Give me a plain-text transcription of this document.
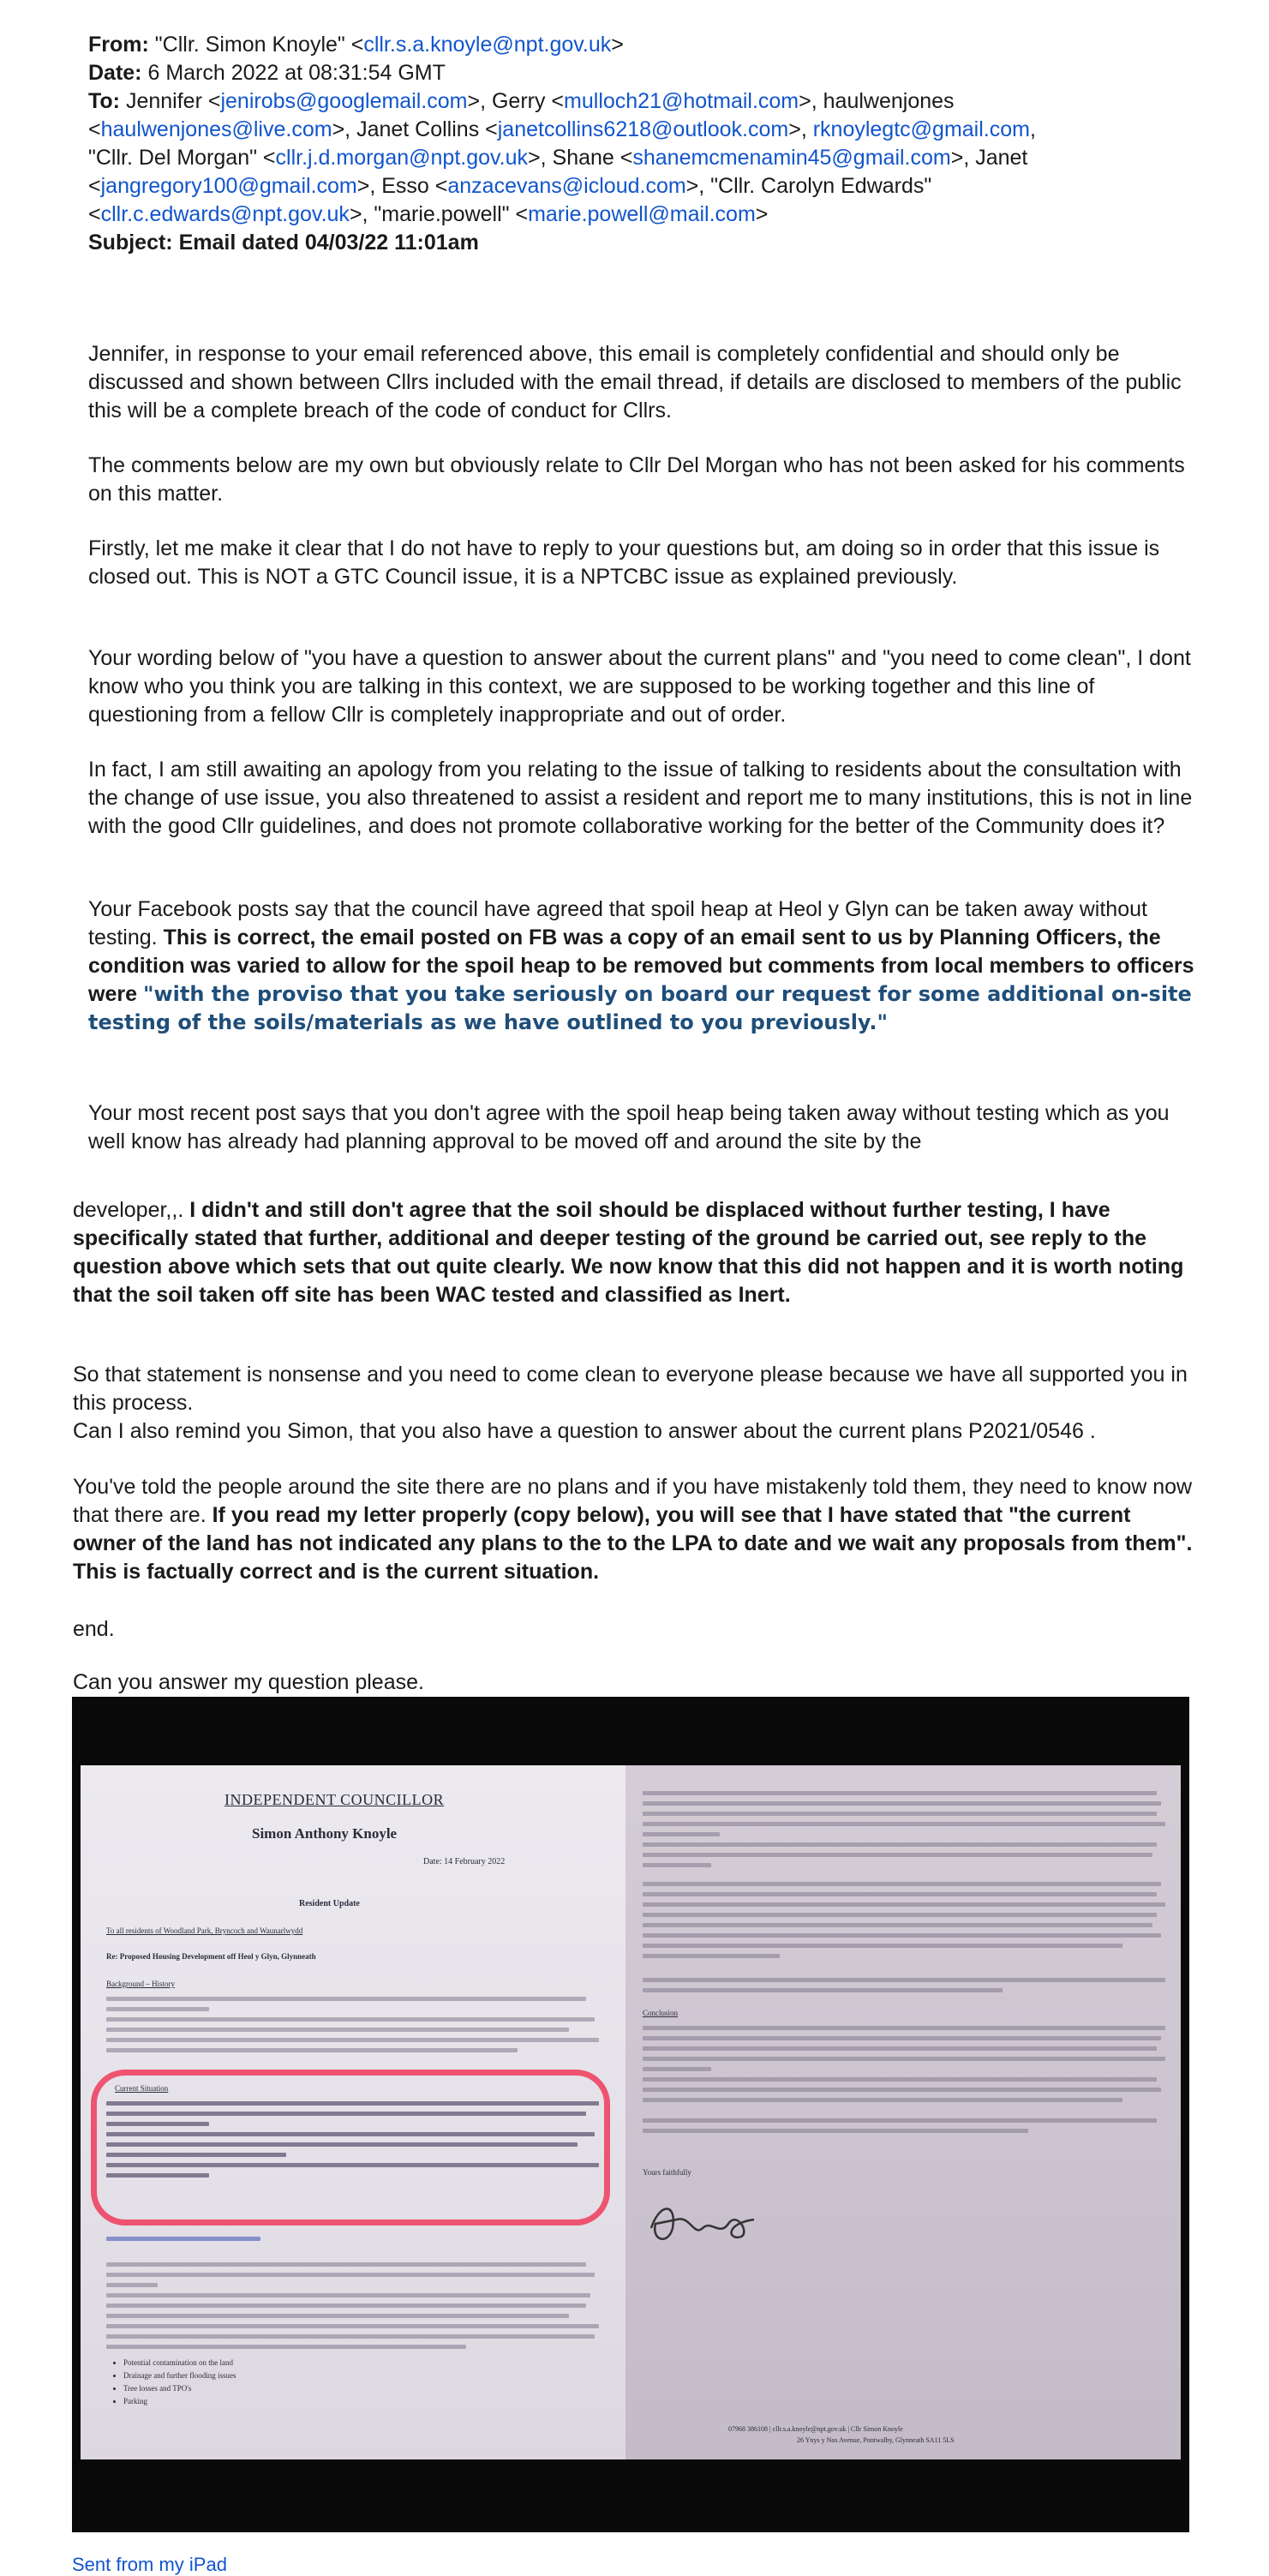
From: "Cllr. Simon Knoyle" <cllr.s.a.knoyle@npt.gov.uk>
Date: 6 March 2022 at 08:31:54 GMT
To: Jennifer <jenirobs@googlemail.com>, Gerry <mulloch21@hotmail.com>, haulwenjones
<haulwenjones@live.com>, Janet Collins <janetcollins6218@outlook.com>, rknoylegtc@gmail.com,
"Cllr. Del Morgan" <cllr.j.d.morgan@npt.gov.uk>, Shane <shanemcmenamin45@gmail.com>, Janet
<jangregory100@gmail.com>, Esso <anzacevans@icloud.com>, "Cllr. Carolyn Edwards"
<cllr.c.edwards@npt.gov.uk>, "marie.powell" <marie.powell@mail.com>
Subject: Email dated 04/03/22 11:01am
Jennifer, in response to your email referenced above, this email is completely confidential and should only be discussed and shown between Cllrs included with the email thread, if details are disclosed to members of the public this will be a complete breach of the code of conduct for Cllrs.
The comments below are my own but obviously relate to Cllr Del Morgan who has not been asked for his comments on this matter.
Firstly, let me make it clear that I do not have to reply to your questions but, am doing so in order that this issue is closed out. This is NOT a GTC Council issue, it is a NPTCBC issue as explained previously.
Your wording below of "you have a question to answer about the current plans" and "you need to come clean", I dont know who you think you are talking in this context, we are supposed to be working together and this line of questioning from a fellow Cllr is completely inappropriate and out of order.
In fact, I am still awaiting an apology from you relating to the issue of talking to residents about the consultation with the change of use issue, you also threatened to assist a resident and report me to many institutions, this is not in line with the good Cllr guidelines, and does not promote collaborative working for the better of the Community does it?
Your Facebook posts say that the council have agreed that spoil heap at Heol y Glyn can be taken away without testing. This is correct, the email posted on FB was a copy of an email sent to us by Planning Officers, the condition was varied to allow for the spoil heap to be removed but comments from local members to officers were "with the proviso that you take seriously on board our request for some additional on-site testing of the soils/materials as we have outlined to you previously."
Your most recent post says that you don't agree with the spoil heap being taken away without testing which as you well know has already had planning approval to be moved off and around the site by the
developer,,. I didn't and still don't agree that the soil should be displaced without further testing, I have specifically stated that further, additional and deeper testing of the ground be carried out, see reply to the question above which sets that out quite clearly. We now know that this did not happen and it is worth noting that the soil taken off site has been WAC tested and classified as Inert.
So that statement is nonsense and you need to come clean to everyone please because we have all supported you in this process.
Can I also remind you Simon, that you also have a question to answer about the current plans P2021/0546 .
You've told the people around the site there are no plans and if you have mistakenly told them, they need to know now that there are. If you read my letter properly (copy below), you will see that I have stated that "the current owner of the land has not indicated any plans to the to the LPA to date and we wait any proposals from them". This is factually correct and is the current situation.
end.
Can you answer my question please.
INDEPENDENT COUNCILLOR
Simon Anthony Knoyle
Date: 14 February 2022
Resident Update
To all residents of Woodland Park, Bryncoch and Waunarlwydd
Re: Proposed Housing Development off Heol y Glyn, Glynneath
Background – History
Current Situation
• Potential contamination on the land
• Drainage and further flooding issues
• Tree losses and TPO's
• Parking
Conclusion
Yours faithfully
07968 386108 | cllr.s.a.knoyle@npt.gov.uk | Cllr Simon Knoyle
26 Ynys y Nos Avenue, Pontwalby, Glynneath SA11 5LS
Sent from my iPad
